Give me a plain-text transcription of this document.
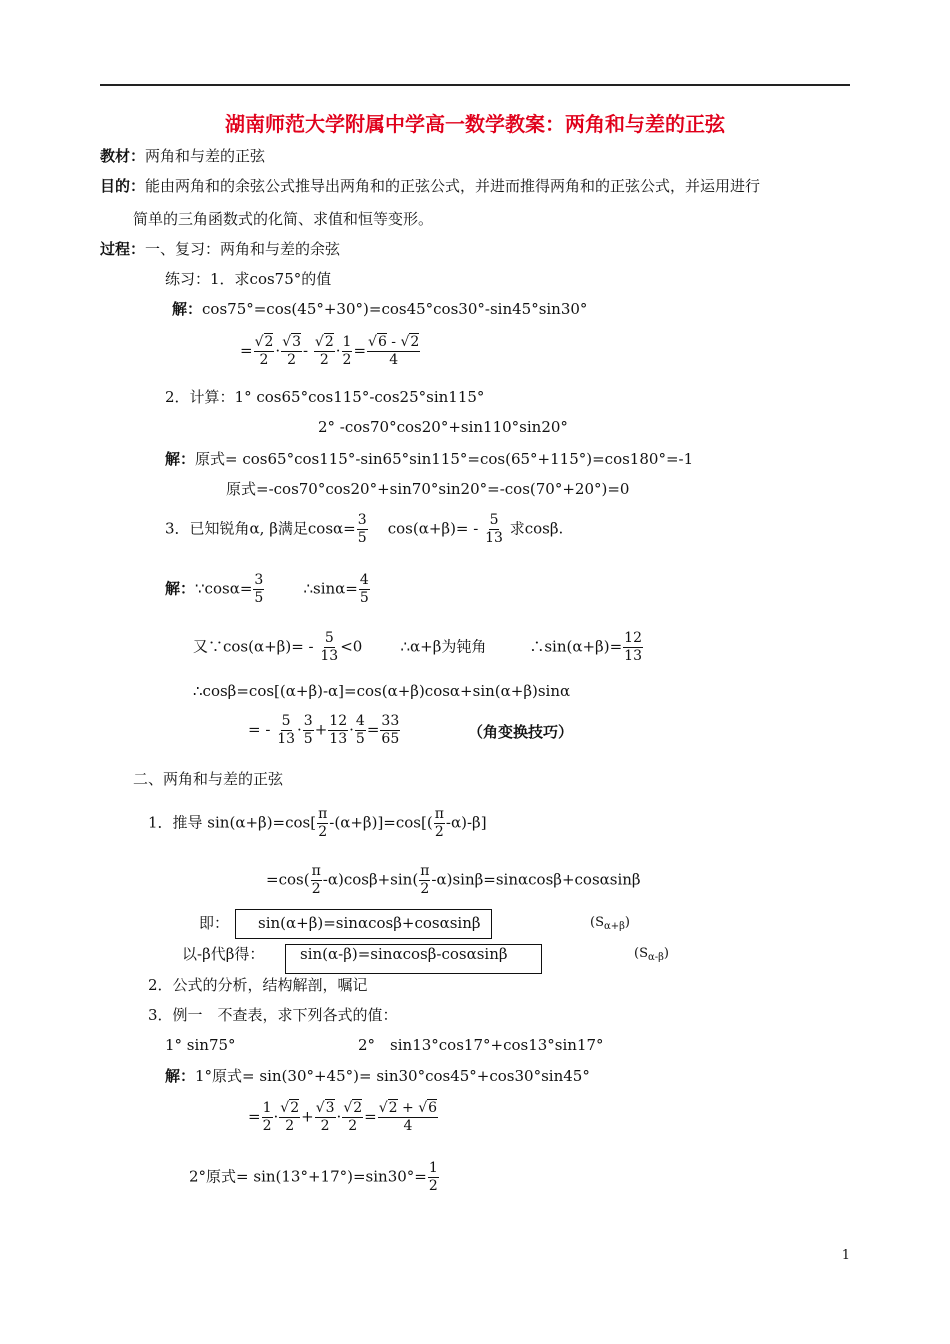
湖南师范大学附属中学高一数学教案：两角和与差的正弦
教材：两角和与差的正弦
目的：能由两角和的余弦公式推导出两角和的正弦公式，并进而推得两角和的正弦公式，并运用进行
简单的三角函数式的化简、求值和恒等变形。
过程：一、复习：两角和与差的余弦
练习：1．求cos75°的值
解：cos75°=cos(45°+30°)=cos45°cos30°-sin45°sin30°
= $\frac{√2}{2} \cdot \frac{√3}{2} - \frac{√2}{2} \cdot \frac{1}{2} = \frac{√6 - √2}{4}$
2．计算：1° cos65°cos115°-cos25°sin115°
2° -cos70°cos20°+sin110°sin20°
解：原式= cos65°cos115°-sin65°sin115°=cos(65°+115°)=cos180°=-1
原式=-cos70°cos20°+sin70°sin20°=-cos(70°+20°)=0
3．已知锐角α, β满足$\cos\alpha= \frac{3}{5} \cos(\alpha+\beta)= - \frac{5}{13}$ 求cosβ.
解：∵cosα= $\frac{3}{5}$	∴sinα= $\frac{4}{5}$
又∵cos(α+β)= - $\frac{5}{13} <0$	∴α+β为钝角	∴sin(α+β)= $\frac{12}{13}$
∴cosβ=cos[(α+β)-α]=cos(α+β)cosα+sin(α+β)sinα
= - $\frac{5}{13} \cdot \frac{3}{5} + \frac{12}{13} \cdot \frac{4}{5} = \frac{33}{65}$	（角变换技巧）
二、两角和与差的正弦
1．推导 $\sin(\alpha+\beta)=\cos[ \frac{\pi}{2} -(\alpha+\beta)]=\cos[( \frac{\pi}{2} -\alpha)-\beta]$
$=\cos( \frac{\pi}{2} -\alpha)\cos\beta+\sin( \frac{\pi}{2} -\alpha)\sin\beta=\sin\alpha\cos\beta+\cos\alpha\sin\beta$
即： sin(α+β)=sinαcosβ+cosαsinβ	$(S_{\alpha+\beta})$
以-β代β得： sin(α-β)=sinαcosβ-cosαsinβ	$(S_{\alpha-\beta})$
2．公式的分析，结构解剖，嘱记
3．例一　不查表，求下列各式的值：
1° sin75°	2°　sin13°cos17°+cos13°sin17°
解：1°原式= sin(30°+45°)= sin30°cos45°+cos30°sin45°
= $\frac{1}{2} \cdot \frac{√2}{2} + \frac{√3}{2} \cdot \frac{√2}{2} = \frac{√2 + √6}{4}$
2°原式= $\sin(13^\circ+17^\circ)=\sin 30^\circ= \frac{1}{2}$
1
